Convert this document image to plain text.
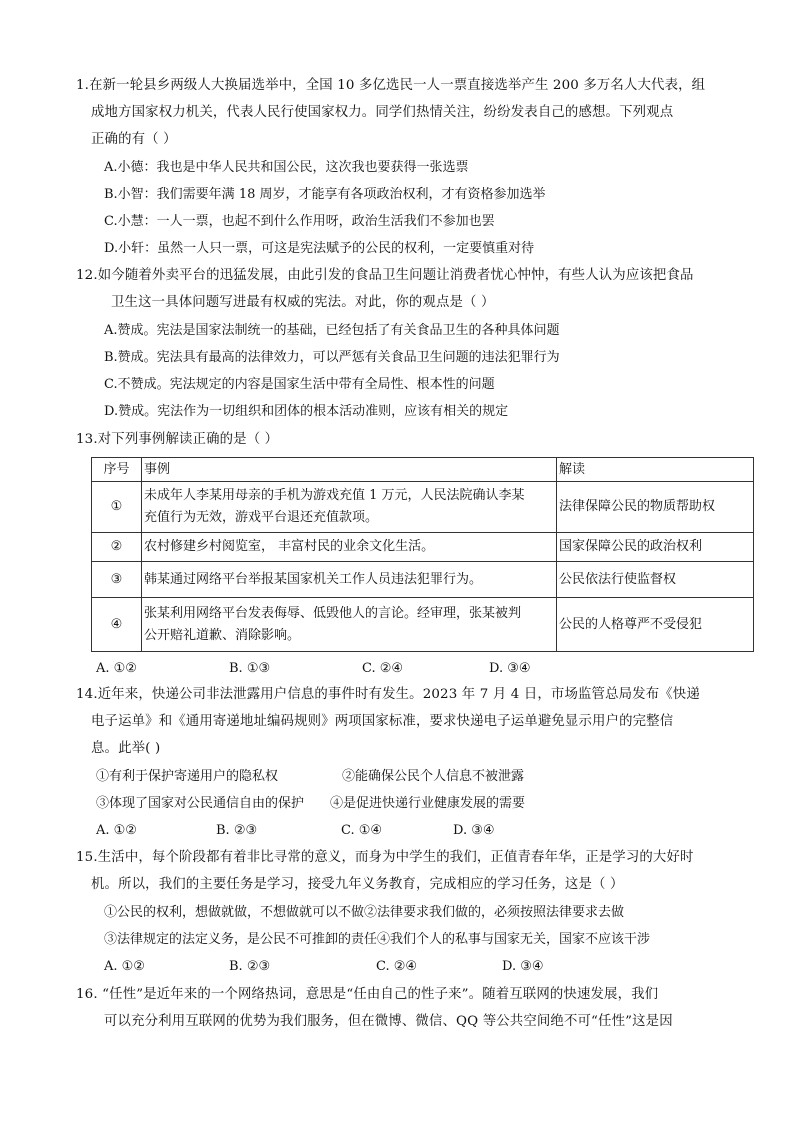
1.在新一轮县乡两级人大换届选举中，全国 10 多亿选民一人一票直接选举产生 200 多万名人大代表，组
成地方国家权力机关，代表人民行使国家权力。同学们热情关注，纷纷发表自己的感想。下列观点
正确的有（ ）
A.小德：我也是中华人民共和国公民，这次我也要获得一张选票
B.小智：我们需要年满 18 周岁，才能享有各项政治权利，才有资格参加选举
C.小慧：一人一票，也起不到什么作用呀，政治生活我们不参加也罢
D.小轩：虽然一人只一票，可这是宪法赋予的公民的权利，一定要慎重对待
12.如今随着外卖平台的迅猛发展，由此引发的食品卫生问题让消费者忧心忡忡，有些人认为应该把食品
卫生这一具体问题写进最有权威的宪法。对此，你的观点是（ ）
A.赞成。宪法是国家法制统一的基础，已经包括了有关食品卫生的各种具体问题
B.赞成。宪法具有最高的法律效力，可以严惩有关食品卫生问题的违法犯罪行为
C.不赞成。宪法规定的内容是国家生活中带有全局性、根本性的问题
D.赞成。宪法作为一切组织和团体的根本活动准则，应该有相关的规定
13.对下列事例解读正确的是（ ）
序号	事例	解读
①	未成年人李某用母亲的手机为游戏充值 1 万元，人民法院确认李某
充值行为无效，游戏平台退还充值款项。	法律保障公民的物质帮助权
②	农村修建乡村阅览室， 丰富村民的业余文化生活。	国家保障公民的政治权利
③	韩某通过网络平台举报某国家机关工作人员违法犯罪行为。	公民依法行使监督权
④	张某利用网络平台发表侮辱、低毁他人的言论。经审理，张某被判
公开赔礼道歉、消除影响。	公民的人格尊严不受侵犯
A. ①②	B. ①③	C. ②④	D. ③④
14.近年来，快递公司非法泄露用户信息的事件时有发生。2023 年 7 月 4 日，市场监管总局发布《快递
电子运单》和《通用寄递地址编码规则》两项国家标准，要求快递电子运单避免显示用户的完整信
息。此举( )
①有利于保护寄递用户的隐私权	②能确保公民个人信息不被泄露
③体现了国家对公民通信自由的保护 ④是促进快递行业健康发展的需要
A. ①②	B. ②③	C. ①④	D. ③④
15.生活中，每个阶段都有着非比寻常的意义，而身为中学生的我们，正值青春年华，正是学习的大好时
机。所以，我们的主要任务是学习，接受九年义务教育，完成相应的学习任务，这是（ ）
①公民的权利，想做就做，不想做就可以不做②法律要求我们做的，必须按照法律要求去做
③法律规定的法定义务，是公民不可推卸的责任④我们个人的私事与国家无关，国家不应该干涉
A. ①②	B. ②③	C. ②④	D. ③④
16. “任性”是近年来的一个网络热词，意思是“任由自己的性子来”。随着互联网的快速发展，我们
可以充分利用互联网的优势为我们服务，但在微博、微信、QQ 等公共空间绝不可“任性”这是因
